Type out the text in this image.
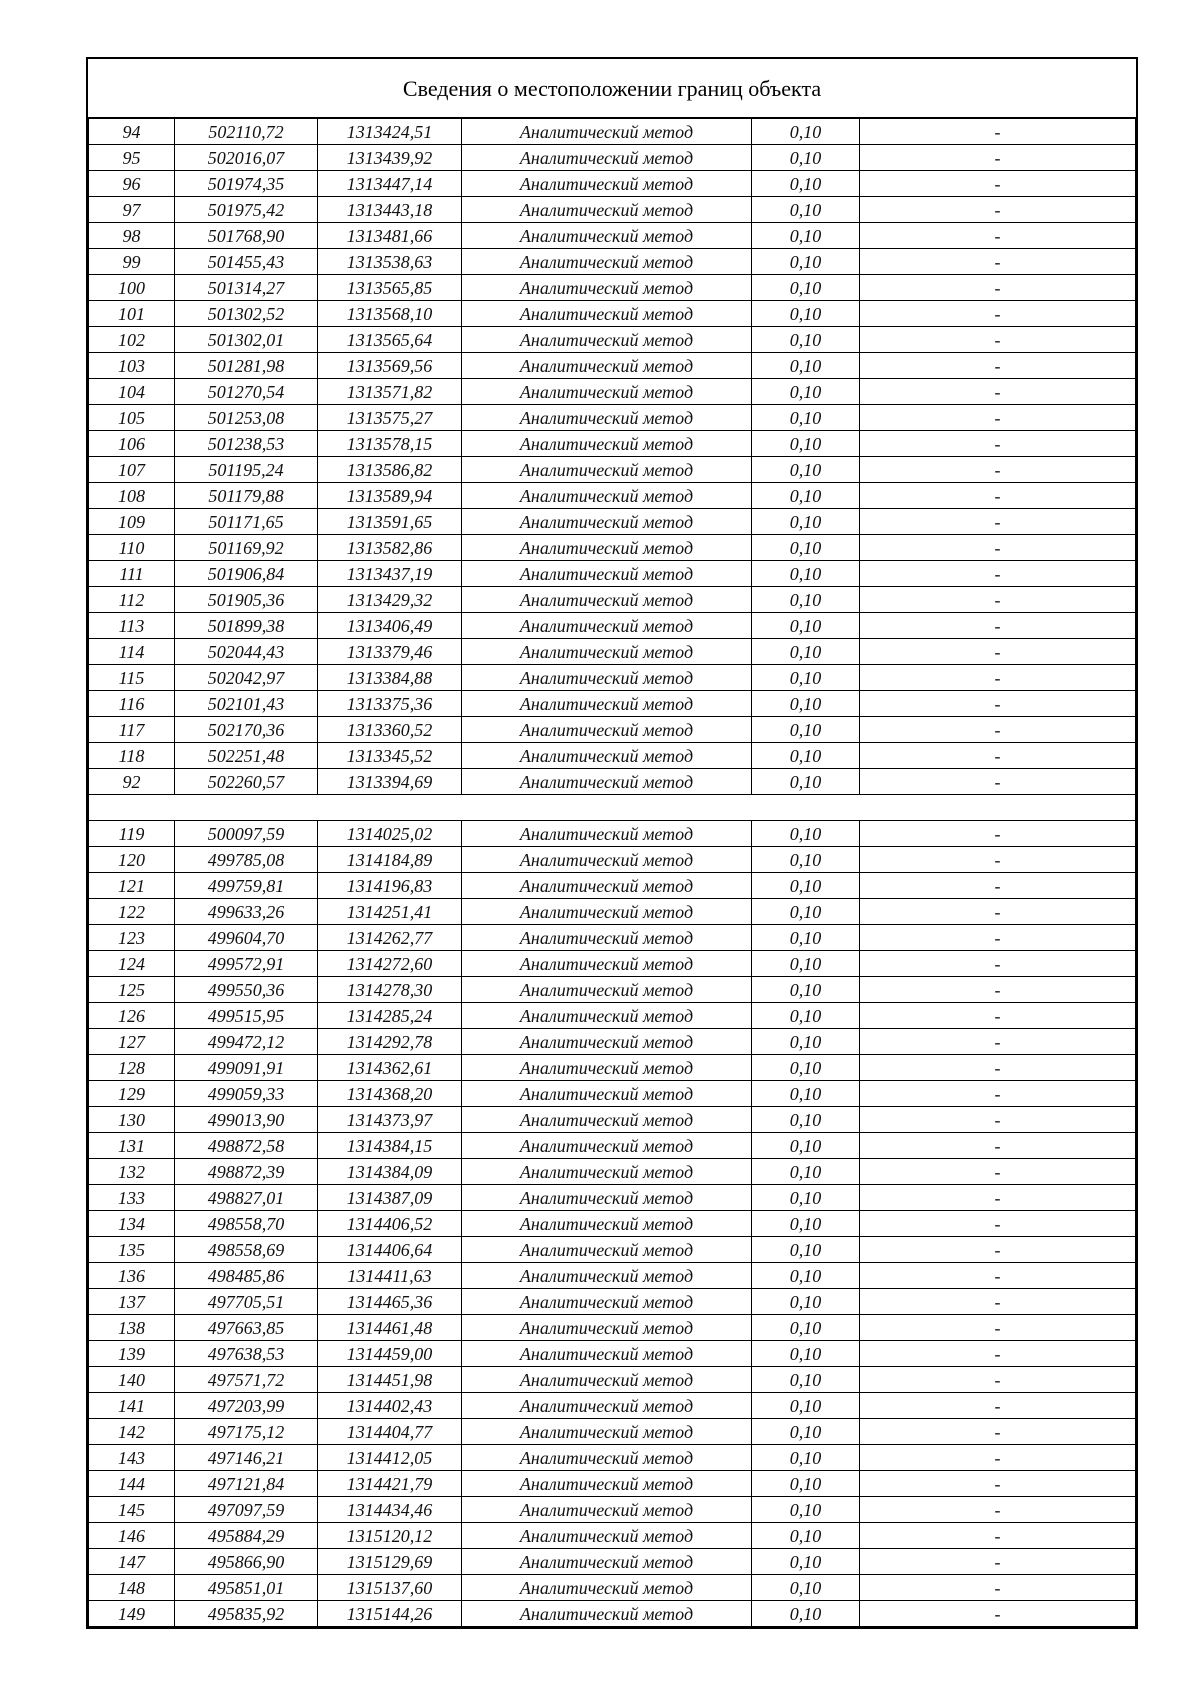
Сведения о местоположении границ объекта
94	502110,72	1313424,51	Аналитический метод	0,10	-
95	502016,07	1313439,92	Аналитический метод	0,10	-
96	501974,35	1313447,14	Аналитический метод	0,10	-
97	501975,42	1313443,18	Аналитический метод	0,10	-
98	501768,90	1313481,66	Аналитический метод	0,10	-
99	501455,43	1313538,63	Аналитический метод	0,10	-
100	501314,27	1313565,85	Аналитический метод	0,10	-
101	501302,52	1313568,10	Аналитический метод	0,10	-
102	501302,01	1313565,64	Аналитический метод	0,10	-
103	501281,98	1313569,56	Аналитический метод	0,10	-
104	501270,54	1313571,82	Аналитический метод	0,10	-
105	501253,08	1313575,27	Аналитический метод	0,10	-
106	501238,53	1313578,15	Аналитический метод	0,10	-
107	501195,24	1313586,82	Аналитический метод	0,10	-
108	501179,88	1313589,94	Аналитический метод	0,10	-
109	501171,65	1313591,65	Аналитический метод	0,10	-
110	501169,92	1313582,86	Аналитический метод	0,10	-
111	501906,84	1313437,19	Аналитический метод	0,10	-
112	501905,36	1313429,32	Аналитический метод	0,10	-
113	501899,38	1313406,49	Аналитический метод	0,10	-
114	502044,43	1313379,46	Аналитический метод	0,10	-
115	502042,97	1313384,88	Аналитический метод	0,10	-
116	502101,43	1313375,36	Аналитический метод	0,10	-
117	502170,36	1313360,52	Аналитический метод	0,10	-
118	502251,48	1313345,52	Аналитический метод	0,10	-
92	502260,57	1313394,69	Аналитический метод	0,10	-

119	500097,59	1314025,02	Аналитический метод	0,10	-
120	499785,08	1314184,89	Аналитический метод	0,10	-
121	499759,81	1314196,83	Аналитический метод	0,10	-
122	499633,26	1314251,41	Аналитический метод	0,10	-
123	499604,70	1314262,77	Аналитический метод	0,10	-
124	499572,91	1314272,60	Аналитический метод	0,10	-
125	499550,36	1314278,30	Аналитический метод	0,10	-
126	499515,95	1314285,24	Аналитический метод	0,10	-
127	499472,12	1314292,78	Аналитический метод	0,10	-
128	499091,91	1314362,61	Аналитический метод	0,10	-
129	499059,33	1314368,20	Аналитический метод	0,10	-
130	499013,90	1314373,97	Аналитический метод	0,10	-
131	498872,58	1314384,15	Аналитический метод	0,10	-
132	498872,39	1314384,09	Аналитический метод	0,10	-
133	498827,01	1314387,09	Аналитический метод	0,10	-
134	498558,70	1314406,52	Аналитический метод	0,10	-
135	498558,69	1314406,64	Аналитический метод	0,10	-
136	498485,86	1314411,63	Аналитический метод	0,10	-
137	497705,51	1314465,36	Аналитический метод	0,10	-
138	497663,85	1314461,48	Аналитический метод	0,10	-
139	497638,53	1314459,00	Аналитический метод	0,10	-
140	497571,72	1314451,98	Аналитический метод	0,10	-
141	497203,99	1314402,43	Аналитический метод	0,10	-
142	497175,12	1314404,77	Аналитический метод	0,10	-
143	497146,21	1314412,05	Аналитический метод	0,10	-
144	497121,84	1314421,79	Аналитический метод	0,10	-
145	497097,59	1314434,46	Аналитический метод	0,10	-
146	495884,29	1315120,12	Аналитический метод	0,10	-
147	495866,90	1315129,69	Аналитический метод	0,10	-
148	495851,01	1315137,60	Аналитический метод	0,10	-
149	495835,92	1315144,26	Аналитический метод	0,10	-
